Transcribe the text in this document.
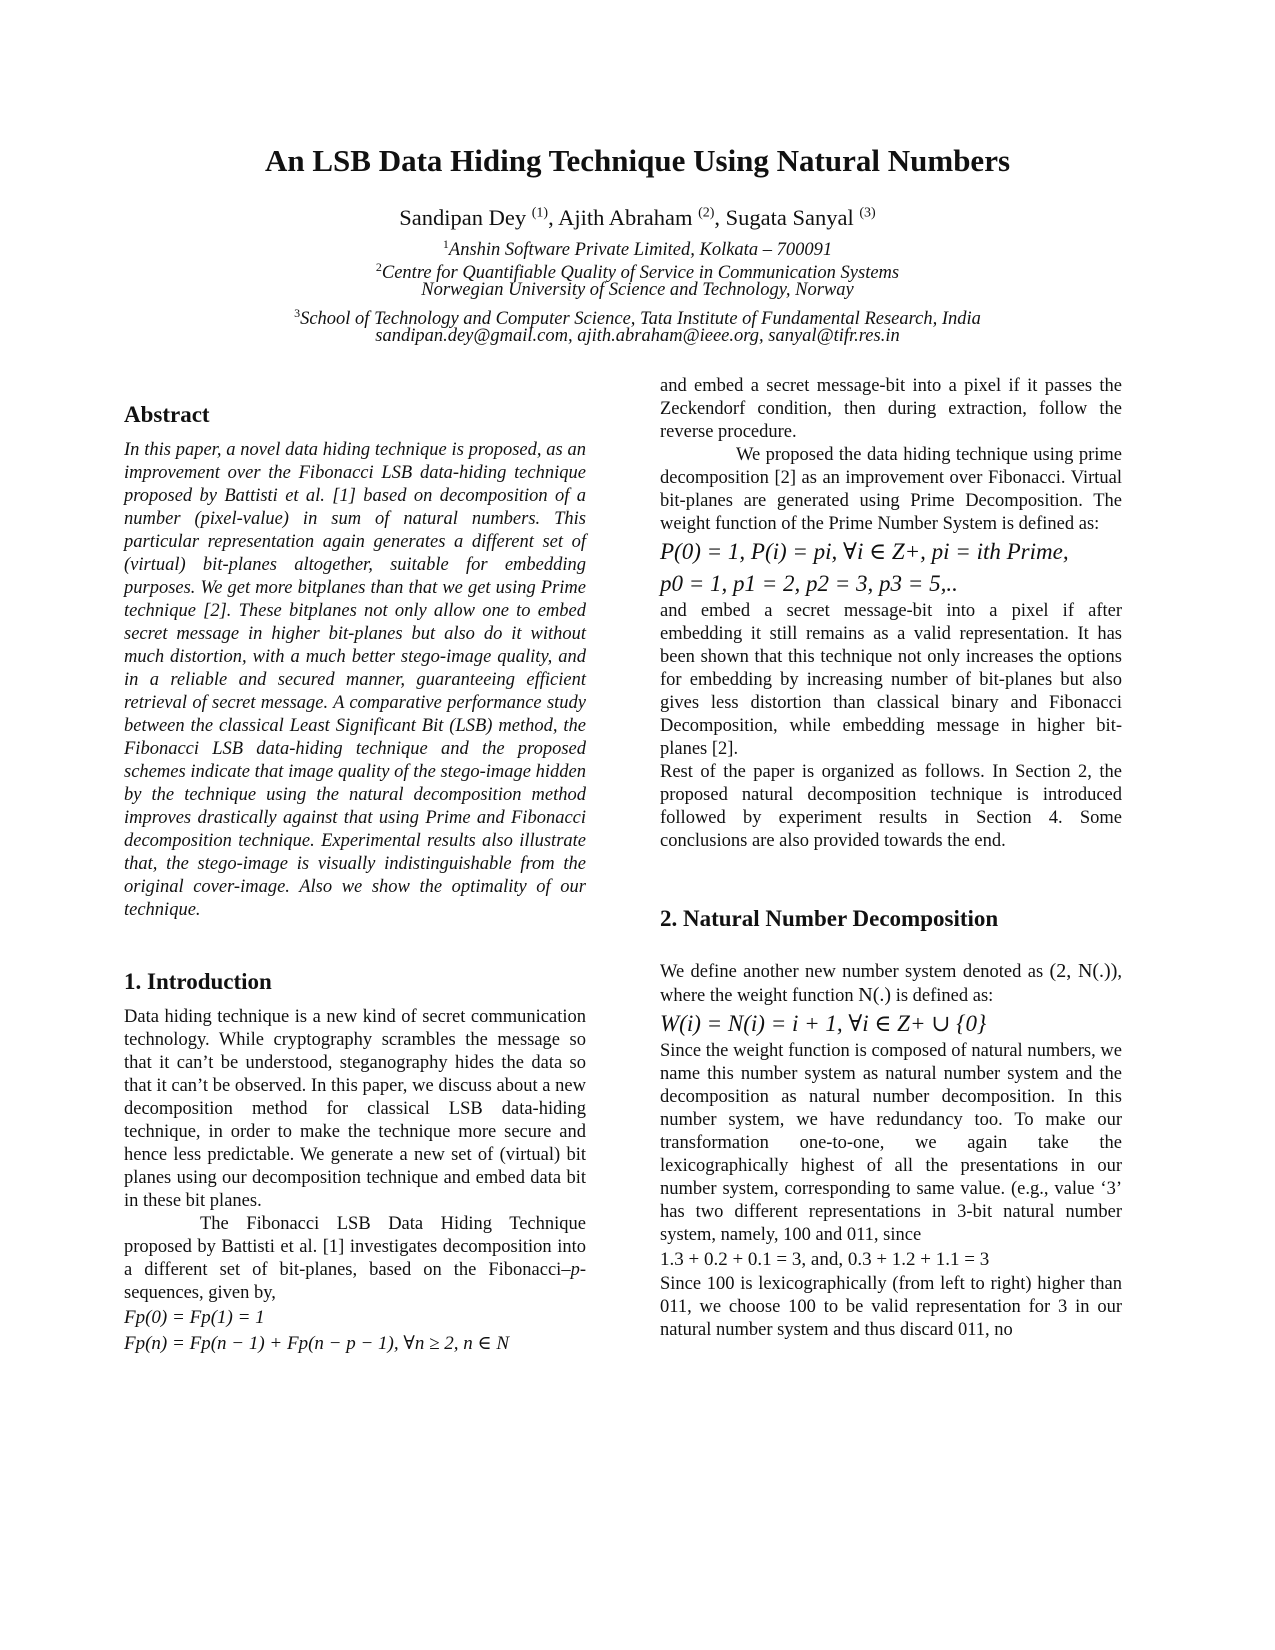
An LSB Data Hiding Technique Using Natural Numbers
Sandipan Dey $^{(1)}$, Ajith Abraham $^{(2)}$, Sugata Sanyal $^{(3)}$
$^1$Anshin Software Private Limited, Kolkata – 700091
$^2$Centre for Quantifiable Quality of Service in Communication Systems
Norwegian University of Science and Technology, Norway
$^3$School of Technology and Computer Science, Tata Institute of Fundamental Research, India
sandipan.dey@gmail.com, ajith.abraham@ieee.org, sanyal@tifr.res.in
Abstract

In this paper, a novel data hiding technique is proposed, as an improvement over the Fibonacci LSB data-hiding technique proposed by Battisti et al. [1] based on decomposition of a number (pixel-value) in sum of natural numbers. This particular representation again generates a different set of (virtual) bit-planes altogether, suitable for embedding purposes. We get more bitplanes than that we get using Prime technique [2]. These bitplanes not only allow one to embed secret message in higher bit-planes but also do it without much distortion, with a much better stego-image quality, and in a reliable and secured manner, guaranteeing efficient retrieval of secret message. A comparative performance study between the classical Least Significant Bit (LSB) method, the Fibonacci LSB data-hiding technique and the proposed schemes indicate that image quality of the stego-image hidden by the technique using the natural decomposition method improves drastically against that using Prime and Fibonacci decomposition technique. Experimental results also illustrate that, the stego-image is visually indistinguishable from the original cover-image. Also we show the optimality of our technique.

1. Introduction

Data hiding technique is a new kind of secret communication technology. While cryptography scrambles the message so that it can’t be understood, steganography hides the data so that it can’t be observed. In this paper, we discuss about a new decomposition method for classical LSB data-hiding technique, in order to make the technique more secure and hence less predictable. We generate a new set of (virtual) bit planes using our decomposition technique and embed data bit in these bit planes.

The Fibonacci LSB Data Hiding Technique proposed by Battisti et al. [1] investigates decomposition into a different set of bit-planes, based on the Fibonacci–p-sequences, given by,

Fp(0) = Fp(1) = 1
Fp(n) = Fp(n − 1) + Fp(n − p − 1), ∀n ≥ 2, n ∈ N

and embed a secret message-bit into a pixel if it passes the Zeckendorf condition, then during extraction, follow the reverse procedure.

We proposed the data hiding technique using prime decomposition [2] as an improvement over Fibonacci. Virtual bit-planes are generated using Prime Decomposition. The weight function of the Prime Number System is defined as:

P(0) = 1, P(i) = pi, ∀i ∈ Z+, pi = ith Prime,
p0 = 1, p1 = 2, p2 = 3, p3 = 5,..

and embed a secret message-bit into a pixel if after embedding it still remains as a valid representation. It has been shown that this technique not only increases the options for embedding by increasing number of bit-planes but also gives less distortion than classical binary and Fibonacci Decomposition, while embedding message in higher bit-planes [2].

Rest of the paper is organized as follows. In Section 2, the proposed natural decomposition technique is introduced followed by experiment results in Section 4. Some conclusions are also provided towards the end.

2. Natural Number Decomposition

We define another new number system denoted as (2, N(.)), where the weight function N(.) is defined as:

W(i) = N(i) = i + 1, ∀i ∈ Z+ ∪ {0}

Since the weight function is composed of natural numbers, we name this number system as natural number system and the decomposition as natural number decomposition. In this number system, we have redundancy too. To make our transformation one-to-one, we again take the lexicographically highest of all the presentations in our number system, corresponding to same value. (e.g., value ‘3’ has two different representations in 3-bit natural number system, namely, 100 and 011, since

1.3 + 0.2 + 0.1 = 3, and, 0.3 + 1.2 + 1.1 = 3

Since 100 is lexicographically (from left to right) higher than 011, we choose 100 to be valid representation for 3 in our natural number system and thus discard 011, no
